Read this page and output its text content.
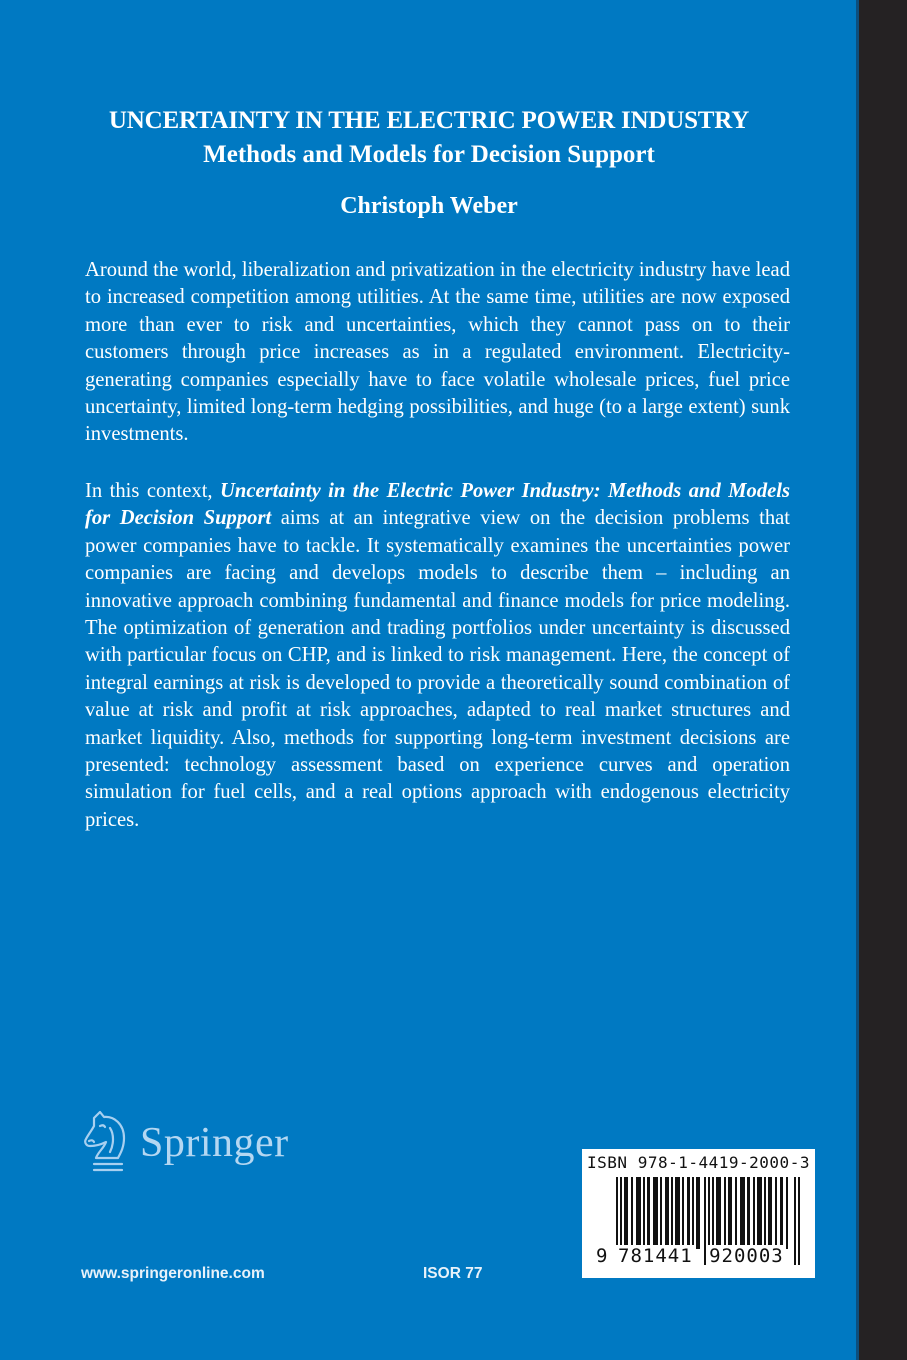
UNCERTAINTY IN THE ELECTRIC POWER INDUSTRY
Methods and Models for Decision Support
Christoph Weber
Around the world, liberalization and privatization in the electricity industry have lead to increased competition among utilities. At the same time, utilities are now exposed more than ever to risk and uncertainties, which they cannot pass on to their customers through price increases as in a regulated environment. Electricity-generating companies especially have to face volatile wholesale prices, fuel price uncertainty, limited long-term hedging possibilities, and huge (to a large extent) sunk investments.
In this context, Uncertainty in the Electric Power Industry: Methods and Models for Decision Support aims at an integrative view on the decision problems that power companies have to tackle. It systematically examines the uncertainties power companies are facing and develops models to describe them – including an innovative approach combining fundamental and finance models for price modeling. The optimization of generation and trading portfolios under uncertainty is discussed with particular focus on CHP, and is linked to risk management. Here, the concept of integral earnings at risk is developed to provide a theoretically sound combination of value at risk and profit at risk approaches, adapted to real market structures and market liquidity. Also, methods for supporting long-term investment decisions are presented: technology assessment based on experience curves and operation simulation for fuel cells, and a real options approach with endogenous electricity prices.
Springer	ISBN 978-1-4419-2000-3
9 781441 920003
www.springeronline.com	ISOR 77
